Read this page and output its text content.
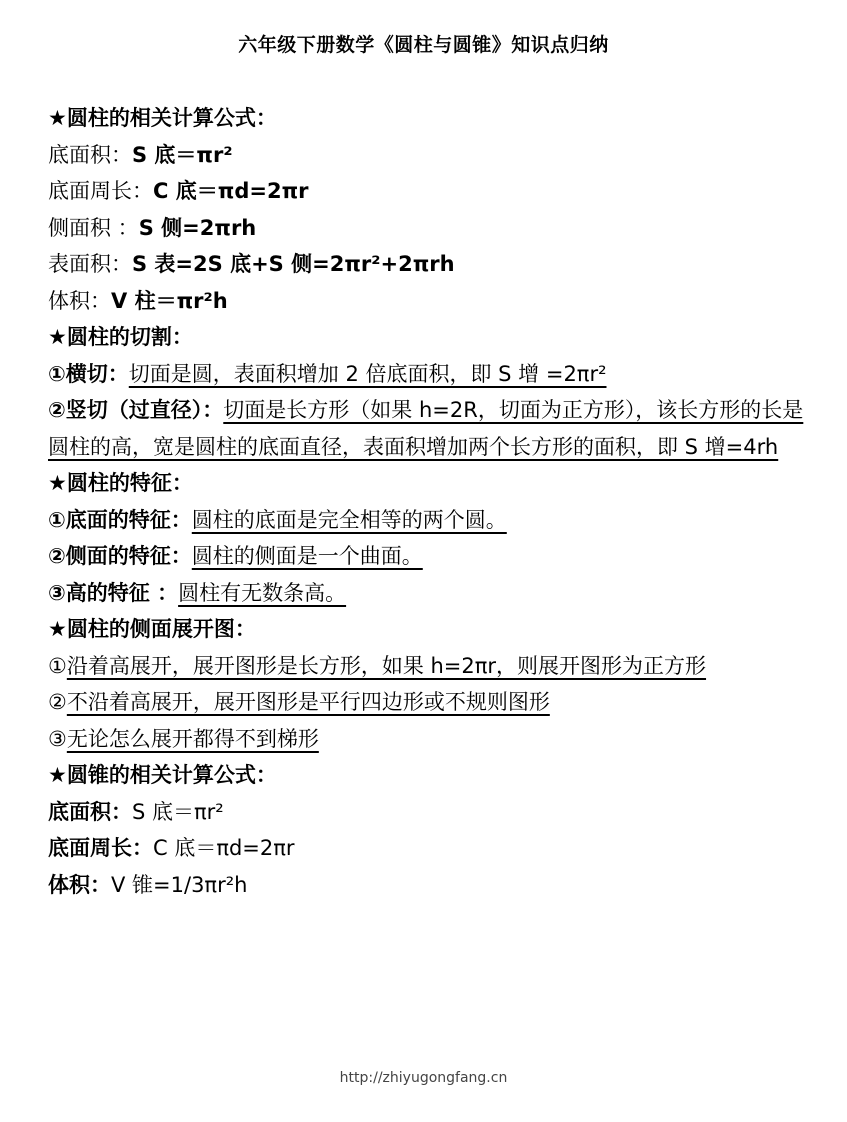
六年级下册数学《圆柱与圆锥》知识点归纳
★圆柱的相关计算公式：
底面积：S 底＝πr²
底面周长：C 底＝πd=2πr
侧面积 ：S 侧=2πrh
表面积：S 表=2S 底+S 侧=2πr²+2πrh
体积：V 柱＝πr²h
★圆柱的切割：
①横切：切面是圆，表面积增加 2 倍底面积，即 S 增 =2πr²
②竖切（过直径）：切面是长方形（如果 h=2R，切面为正方形），该长方形的长是圆柱的高，宽是圆柱的底面直径，表面积增加两个长方形的面积，即 S 增=4rh
★圆柱的特征：
①底面的特征：圆柱的底面是完全相等的两个圆。
②侧面的特征：圆柱的侧面是一个曲面。
③高的特征 ：圆柱有无数条高。
★圆柱的侧面展开图：
①沿着高展开，展开图形是长方形，如果 h=2πr，则展开图形为正方形
②不沿着高展开，展开图形是平行四边形或不规则图形
③无论怎么展开都得不到梯形
★圆锥的相关计算公式：
底面积：S 底＝πr²
底面周长：C 底＝πd=2πr
体积：V 锥=1/3πr²h
http://zhiyugongfang.cn
